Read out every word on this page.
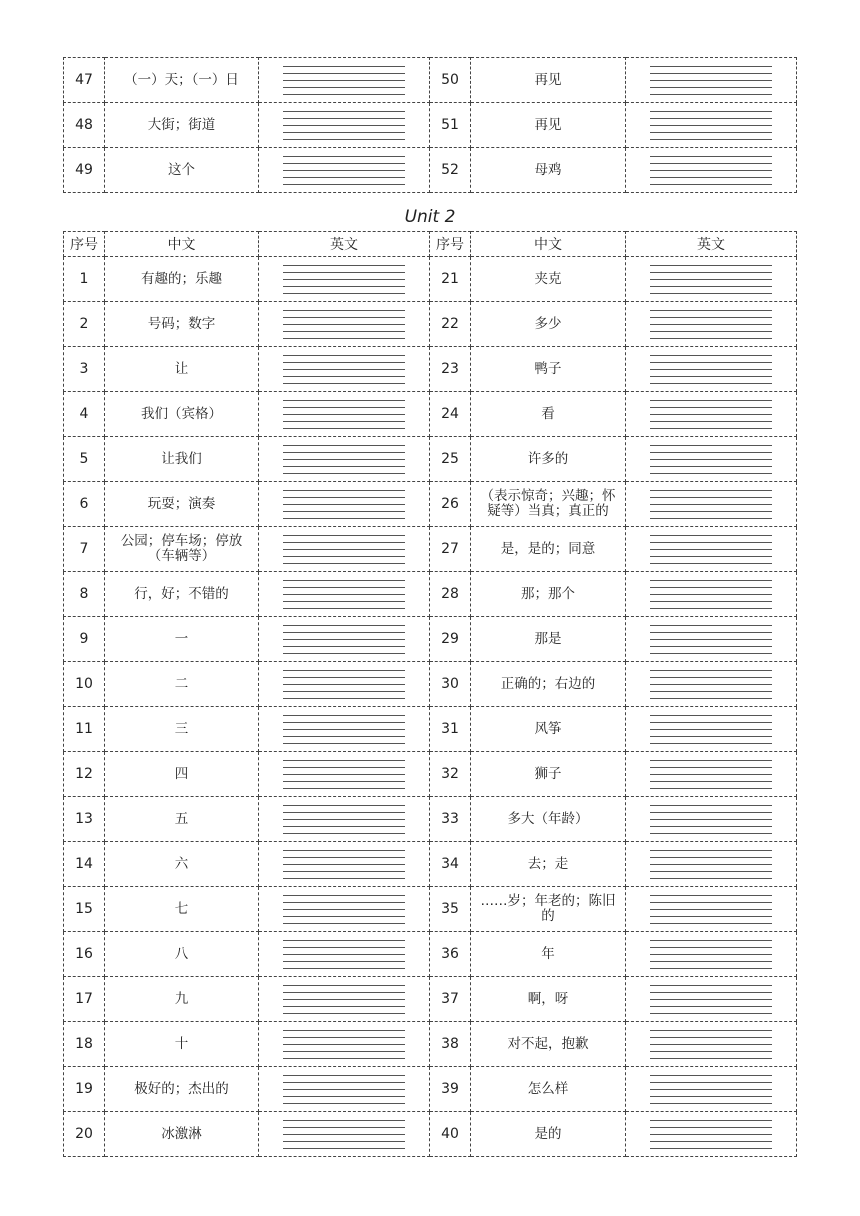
47	（一）天；（一）日		50	再见	

48	大街；街道		51	再见	

49	这个		52	母鸡	
Unit 2
序号	中文	英文	序号	中文	英文
1	有趣的；乐趣		21	夹克	

2	号码；数字		22	多少	

3	让		23	鸭子	

4	我们（宾格）		24	看	

5	让我们		25	许多的	

6	玩耍；演奏		26	（表示惊奇；兴趣；怀疑等）当真；真正的	

7	公园；停车场；停放（车辆等）		27	是，是的；同意	

8	行，好；不错的		28	那；那个	

9	一		29	那是	

10	二		30	正确的；右边的	

11	三		31	风筝	

12	四		32	狮子	

13	五		33	多大（年龄）	

14	六		34	去；走	

15	七		35	……岁；年老的；陈旧的	

16	八		36	年	

17	九		37	啊，呀	

18	十		38	对不起，抱歉	

19	极好的；杰出的		39	怎么样	

20	冰激淋		40	是的	
